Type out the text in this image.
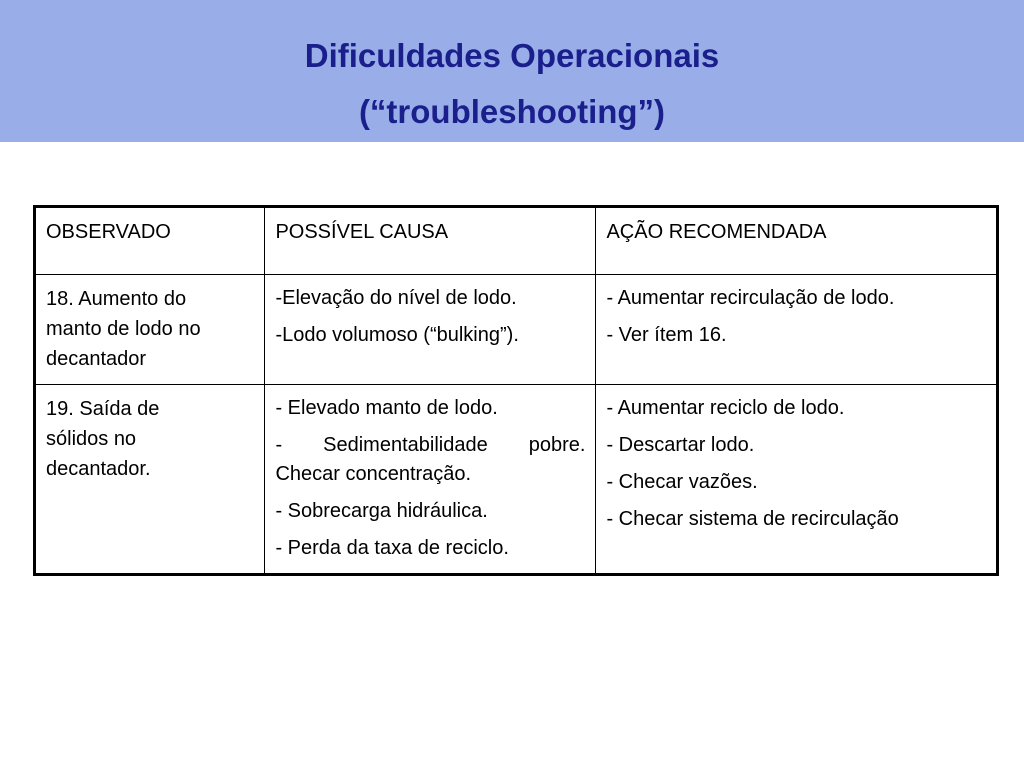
Dificuldades Operacionais
(“troubleshooting”)
OBSERVADO	POSSÍVEL CAUSA	AÇÃO RECOMENDADA

18. Aumento do
manto de lodo no
decantador	-Elevação do nível de lodo.
-Lodo volumoso (“bulking”).	- Aumentar recirculação de lodo.
- Ver ítem 16.

19. Saída de
sólidos no
decantador.	- Elevado manto de lodo.
- Sedimentabilidade pobre.
Checar concentração.
- Sobrecarga hidráulica.
- Perda da taxa de reciclo.	- Aumentar reciclo de lodo.
- Descartar lodo.
- Checar vazões.
- Checar sistema de recirculação
